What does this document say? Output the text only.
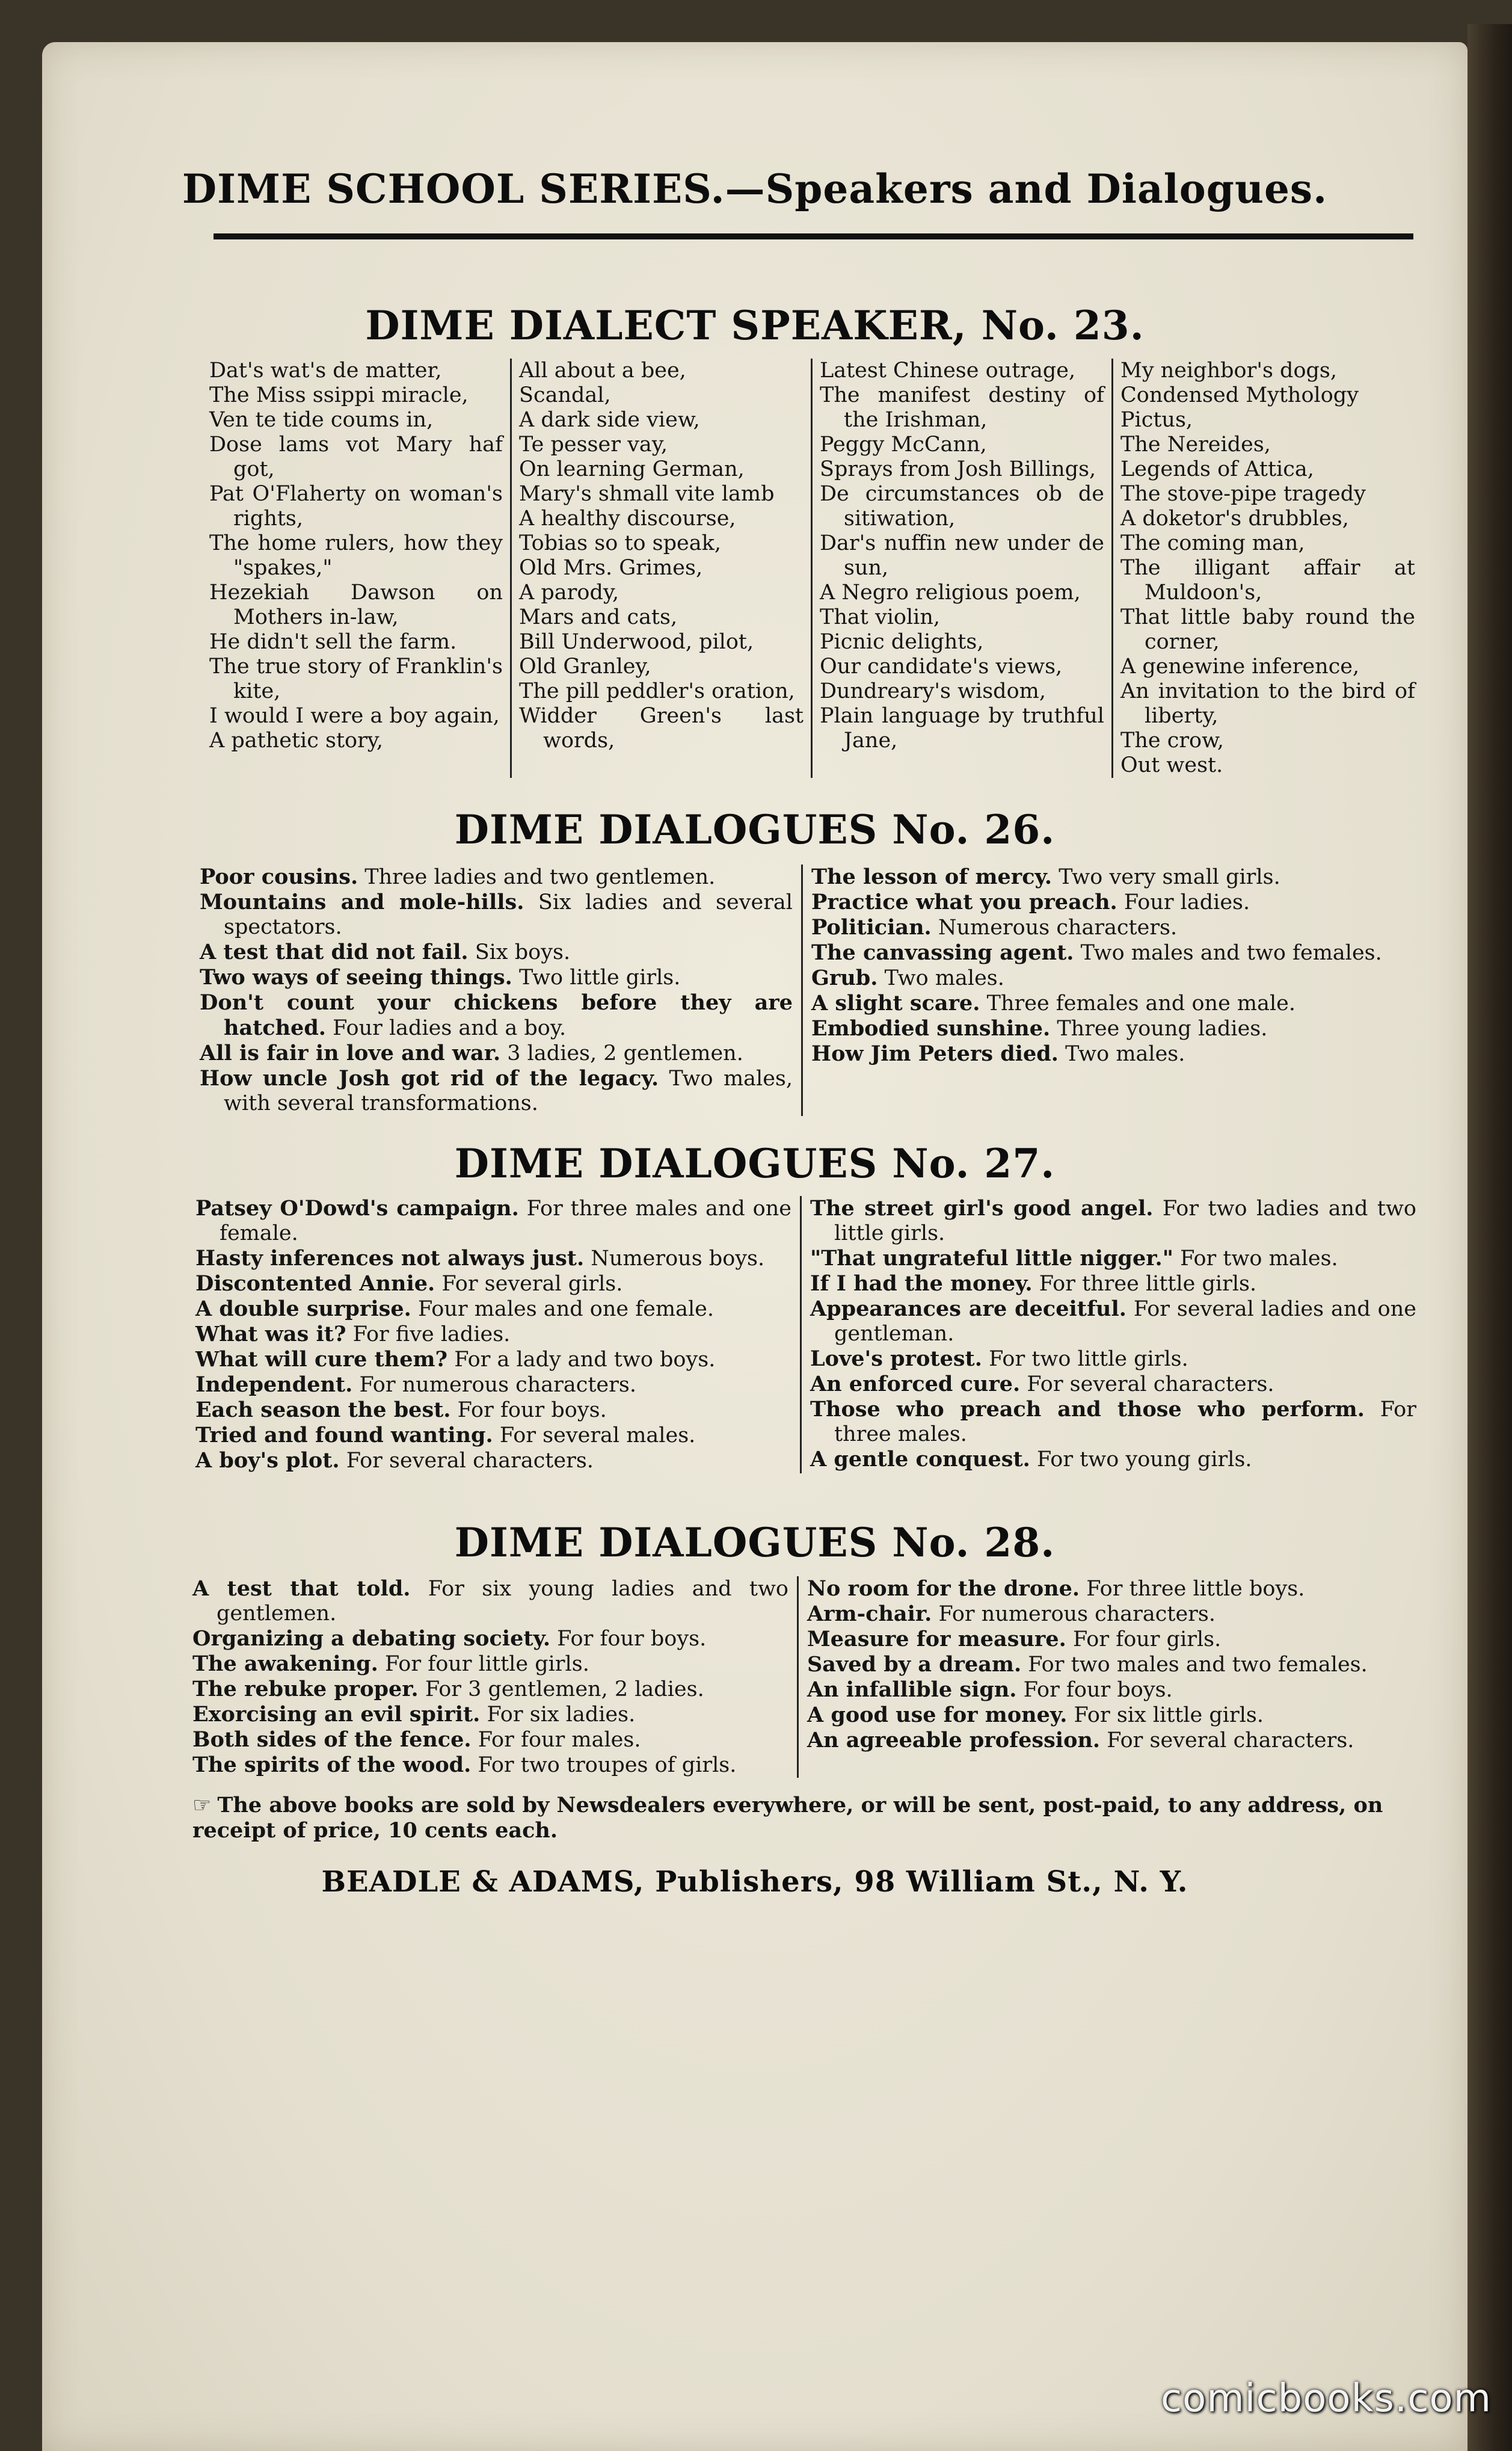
DIME SCHOOL SERIES.—Speakers and Dialogues.
DIME DIALECT SPEAKER, No. 23.
Dat's wat's de matter,
The Miss ssippi miracle,
Ven te tide coums in,
Dose lams vot Mary haf got,
Pat O'Flaherty on woman's rights,
The home rulers, how they "spakes,"
Hezekiah Dawson on Mothers in-law,
He didn't sell the farm.
The true story of Franklin's kite,
I would I were a boy again,
A pathetic story,
All about a bee,
Scandal,
A dark side view,
Te pesser vay,
On learning German,
Mary's shmall vite lamb
A healthy discourse,
Tobias so to speak,
Old Mrs. Grimes,
A parody,
Mars and cats,
Bill Underwood, pilot,
Old Granley,
The pill peddler's oration,
Widder Green's last words,
Latest Chinese outrage,
The manifest destiny of the Irishman,
Peggy McCann,
Sprays from Josh Billings,
De circumstances ob de sitiwation,
Dar's nuffin new under de sun,
A Negro religious poem,
That violin,
Picnic delights,
Our candidate's views,
Dundreary's wisdom,
Plain language by truthful Jane,
My neighbor's dogs,
Condensed Mythology
Pictus,
The Nereides,
Legends of Attica,
The stove-pipe tragedy
A doketor's drubbles,
The coming man,
The illigant affair at Muldoon's,
That little baby round the corner,
A genewine inference,
An invitation to the bird of liberty,
The crow,
Out west.
DIME DIALOGUES No. 26.
Poor cousins. Three ladies and two gentlemen.
Mountains and mole-hills. Six ladies and several spectators.
A test that did not fail. Six boys.
Two ways of seeing things. Two little girls.
Don't count your chickens before they are hatched. Four ladies and a boy.
All is fair in love and war. 3 ladies, 2 gentlemen.
How uncle Josh got rid of the legacy. Two males, with several transformations.
The lesson of mercy. Two very small girls.
Practice what you preach. Four ladies.
Politician. Numerous characters.
The canvassing agent. Two males and two females.
Grub. Two males.
A slight scare. Three females and one male.
Embodied sunshine. Three young ladies.
How Jim Peters died. Two males.
DIME DIALOGUES No. 27.
Patsey O'Dowd's campaign. For three males and one female.
Hasty inferences not always just. Numerous boys.
Discontented Annie. For several girls.
A double surprise. Four males and one female.
What was it? For five ladies.
What will cure them? For a lady and two boys.
Independent. For numerous characters.
Each season the best. For four boys.
Tried and found wanting. For several males.
A boy's plot. For several characters.
The street girl's good angel. For two ladies and two little girls.
"That ungrateful little nigger." For two males.
If I had the money. For three little girls.
Appearances are deceitful. For several ladies and one gentleman.
Love's protest. For two little girls.
An enforced cure. For several characters.
Those who preach and those who perform. For three males.
A gentle conquest. For two young girls.
DIME DIALOGUES No. 28.
A test that told. For six young ladies and two gentlemen.
Organizing a debating society. For four boys.
The awakening. For four little girls.
The rebuke proper. For 3 gentlemen, 2 ladies.
Exorcising an evil spirit. For six ladies.
Both sides of the fence. For four males.
The spirits of the wood. For two troupes of girls.
No room for the drone. For three little boys.
Arm-chair. For numerous characters.
Measure for measure. For four girls.
Saved by a dream. For two males and two females.
An infallible sign. For four boys.
A good use for money. For six little girls.
An agreeable profession. For several characters.
☞ The above books are sold by Newsdealers everywhere, or will be sent, post-paid, to any address, on receipt of price, 10 cents each.
BEADLE & ADAMS, Publishers, 98 William St., N. Y.
comicbooks.com
